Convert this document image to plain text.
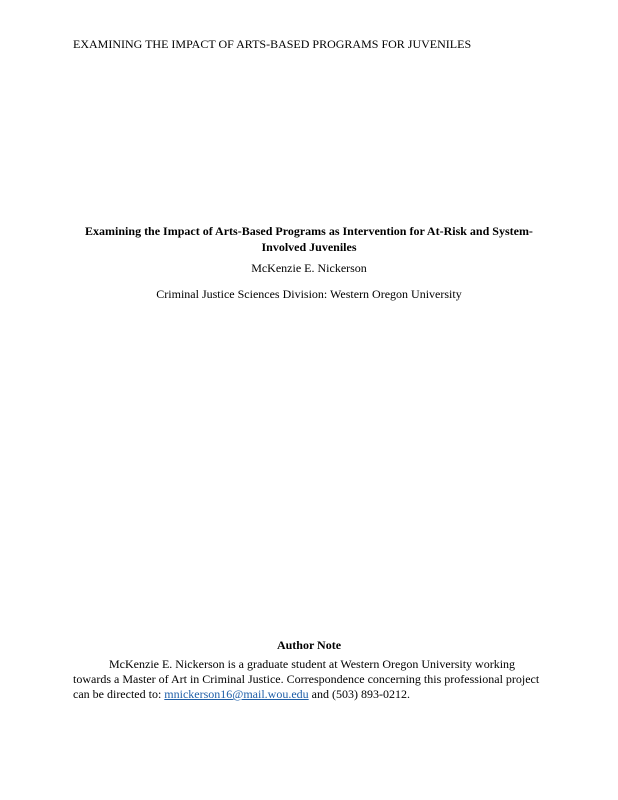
EXAMINING THE IMPACT OF ARTS-BASED PROGRAMS FOR JUVENILES

Examining the Impact of Arts-Based Programs as Intervention for At-Risk and System-Involved Juveniles

McKenzie E. Nickerson

Criminal Justice Sciences Division: Western Oregon University

Author Note

McKenzie E. Nickerson is a graduate student at Western Oregon University working towards a Master of Art in Criminal Justice. Correspondence concerning this professional project can be directed to: mnickerson16@mail.wou.edu and (503) 893-0212.
